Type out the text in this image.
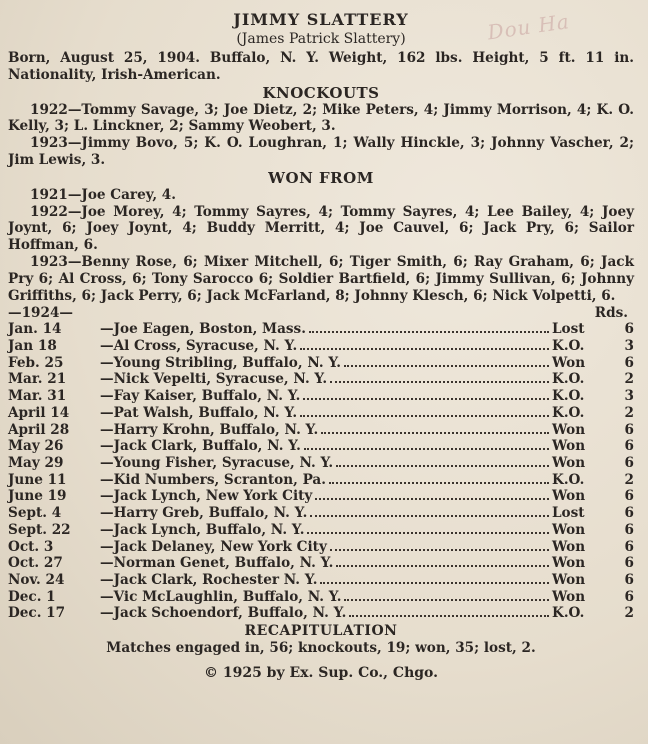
Dou⁠ Ha
JIMMY SLATTERY
(James Patrick Slattery)
Born, August 25, 1904. Buffalo, N. Y. Weight, 162 lbs. Height, 5 ft. 11 in. Nationality, Irish-American.
KNOCKOUTS
1922—Tommy Savage, 3; Joe Dietz, 2; Mike Peters, 4; Jimmy Morrison, 4; K. O. Kelly, 3; L. Linckner, 2; Sammy Weobert, 3.
1923—Jimmy Bovo, 5; K. O. Loughran, 1; Wally Hinckle, 3; Johnny Vascher, 2; Jim Lewis, 3.
WON FROM
1921—Joe Carey, 4.
1922—Joe Morey, 4; Tommy Sayres, 4; Tommy Sayres, 4; Lee Bailey, 4; Joey Joynt, 6; Joey Joynt, 4; Buddy Merritt, 4; Joe Cauvel, 6; Jack Pry, 6; Sailor Hoffman, 6.
1923—Benny Rose, 6; Mixer Mitchell, 6; Tiger Smith, 6; Ray Graham, 6; Jack Pry 6; Al Cross, 6; Tony Sarocco 6; Soldier Bartfield, 6; Jimmy Sullivan, 6; Johnny Griffiths, 6; Jack Perry, 6; Jack McFarland, 8; Johnny Klesch, 6; Nick Volpetti, 6.
—1924—	Rds.
Jan. 14	—Joe Eagen, Boston, Mass.	Lost	6
Jan 18	—Al Cross, Syracuse, N. Y.	K.O.	3
Feb. 25	—Young Stribling, Buffalo, N. Y.	Won	6
Mar. 21	—Nick Vepelti, Syracuse, N. Y.	K.O.	2
Mar. 31	—Fay Kaiser, Buffalo, N. Y.	K.O.	3
April 14	—Pat Walsh, Buffalo, N. Y.	K.O.	2
April 28	—Harry Krohn, Buffalo, N. Y.	Won	6
May 26	—Jack Clark, Buffalo, N. Y.	Won	6
May 29	—Young Fisher, Syracuse, N. Y.	Won	6
June 11	—Kid Numbers, Scranton, Pa.	K.O.	2
June 19	—Jack Lynch, New York City	Won	6
Sept. 4	—Harry Greb, Buffalo, N. Y.	Lost	6
Sept. 22	—Jack Lynch, Buffalo, N. Y.	Won	6
Oct. 3	—Jack Delaney, New York City	Won	6
Oct. 27	—Norman Genet, Buffalo, N. Y.	Won	6
Nov. 24	—Jack Clark, Rochester N. Y.	Won	6
Dec. 1	—Vic McLaughlin, Buffalo, N. Y.	Won	6
Dec. 17	—Jack Schoendorf, Buffalo, N. Y.	K.O.	2
RECAPITULATION
Matches engaged in, 56; knockouts, 19; won, 35; lost, 2.
© 1925 by Ex. Sup. Co., Chgo.
